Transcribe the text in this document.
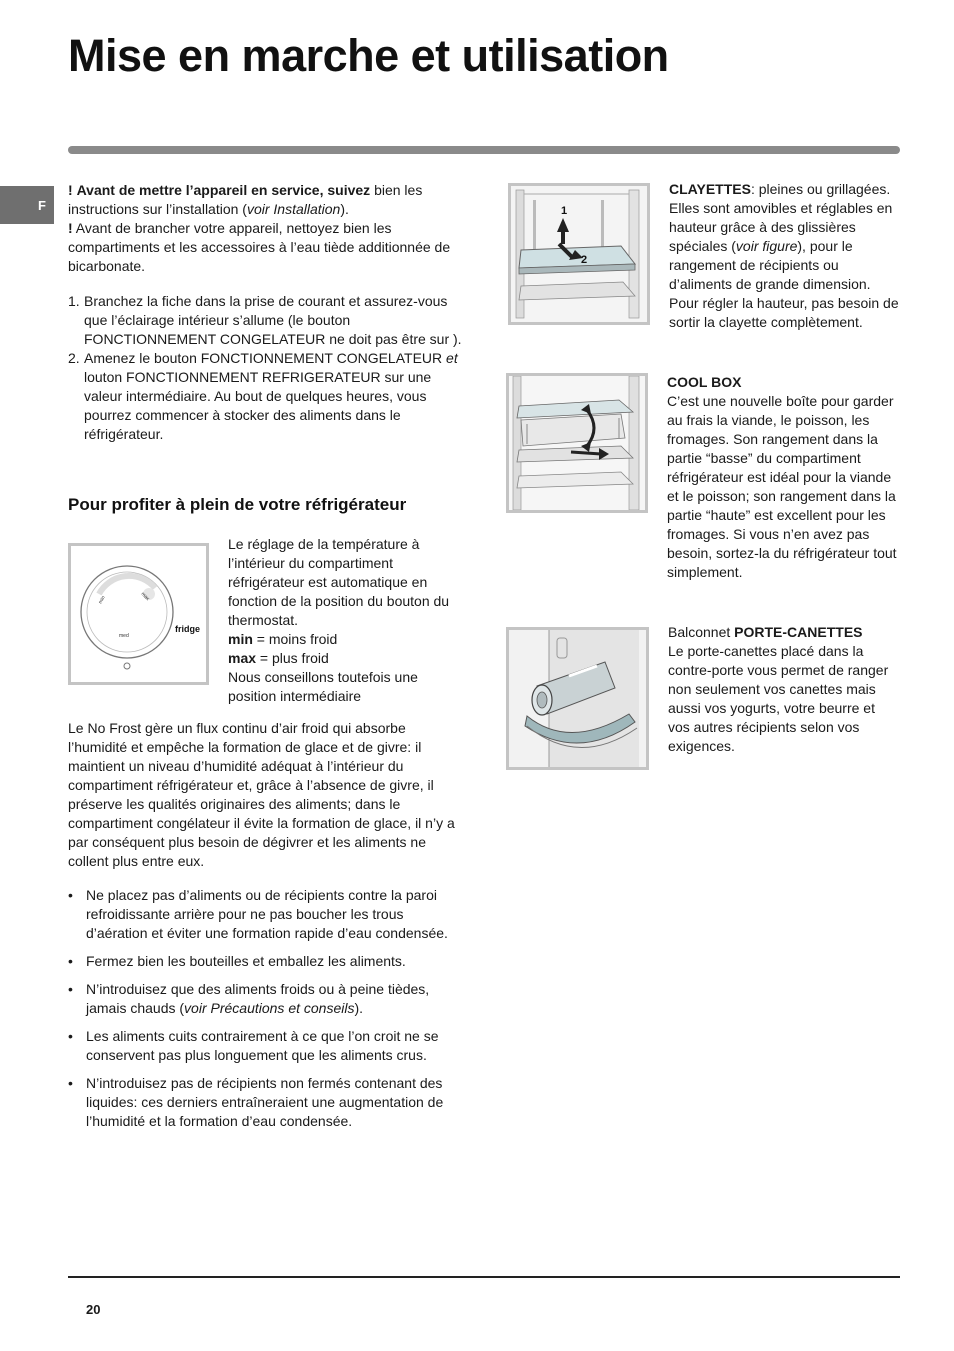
Mise en marche et utilisation
F

! Avant de mettre l’appareil en service, suivez bien les instructions sur l’installation (voir Installation).

! Avant de brancher votre appareil, nettoyez bien les compartiments et les accessoires à l’eau tiède additionnée de bicarbonate.

1. Branchez la fiche dans la prise de courant et assurez-vous que l’éclairage intérieur s’allume (le bouton FONCTIONNEMENT CONGELATEUR ne doit pas être sur ).
2. Amenez le bouton FONCTIONNEMENT CONGELATEUR et louton FONCTIONNEMENT REFRIGERATEUR sur une valeur intermédiaire. Au bout de quelques heures, vous pourrez commencer à stocker des aliments dans le réfrigérateur.
Pour profiter à plein de votre réfrigérateur
min
med
max
fridge

Le réglage de la température à l’intérieur du compartiment réfrigérateur est automatique en fonction de la position du bouton du thermostat.

min = moins froid

max = plus froid

Nous conseillons toutefois une position intermédiaire

Le No Frost gère un flux continu d’air froid qui absorbe l’humidité et empêche la formation de glace et de givre: il maintient un niveau d’humidité adéquat à l’intérieur du compartiment réfrigérateur et, grâce à l’absence de givre, il préserve les qualités originaires des aliments; dans le compartiment congélateur il évite la formation de glace, il n’y a par conséquent plus besoin de dégivrer et les aliments ne collent plus entre eux.

• Ne placez pas d’aliments ou de récipients contre la paroi refroidissante arrière pour ne pas boucher les trous d’aération et éviter une formation rapide d’eau condensée.
• Fermez bien les bouteilles et emballez les aliments.
• N’introduisez que des aliments froids ou à peine tièdes, jamais chauds (voir Précautions et conseils).
• Les aliments cuits contrairement à ce que l’on croit ne se conservent pas plus longuement que les aliments crus.
• N’introduisez pas de récipients non fermés contenant des liquides: ces derniers entraîneraient une augmentation de l’humidité et la formation d’eau condensée.
1
2

CLAYETTES: pleines ou grillagées.

Elles sont amovibles et réglables en hauteur grâce à des glissières spéciales (voir figure), pour le rangement de récipients ou d’aliments de grande dimension. Pour régler la hauteur, pas besoin de sortir la clayette complètement.

COOL BOX

C’est une nouvelle boîte pour garder au frais la viande, le poisson, les fromages. Son rangement dans la partie “basse” du compartiment réfrigérateur est idéal pour la viande et le poisson; son rangement dans la partie “haute” est excellent pour les fromages. Si vous n’en avez pas besoin, sortez-la du réfrigérateur tout simplement.

Balconnet PORTE-CANETTES

Le porte-canettes placé dans la contre-porte vous permet de ranger non seulement vos canettes mais aussi vos yogurts, votre beurre et vos autres récipients selon vos exigences.

20
